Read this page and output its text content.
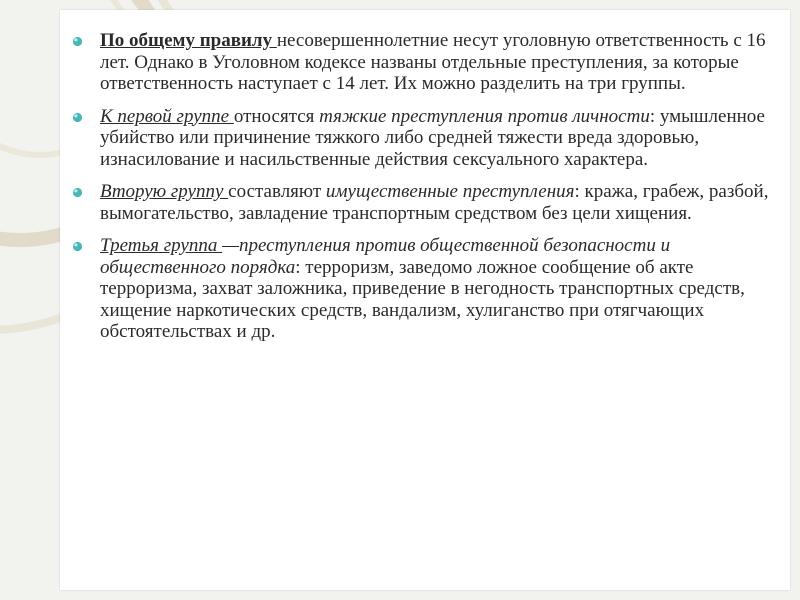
По общему правилу несовершеннолетние несут уголовную ответственность с 16 лет. Однако в Уголовном кодексе названы отдельные преступления, за которые ответственность наступает с 14 лет. Их можно разделить на три группы.
К первой группе относятся тяжкие преступления против личности: умышленное убийство или причинение тяжкого либо средней тяжести вреда здоровью, изнасилование и насильственные действия сексуального характера.
Вторую группу составляют имущественные преступления: кража, грабеж, разбой, вымогательство, завладение транспортным средством без цели хищения.
Третья группа —преступления против общественной безопасности и общественного порядка: терроризм, заведомо ложное сообщение об акте терроризма, захват заложника, приведение в негодность транспортных средств, хищение наркотических средств, вандализм, хулиганство при отягчающих обстоятельствах и др.
